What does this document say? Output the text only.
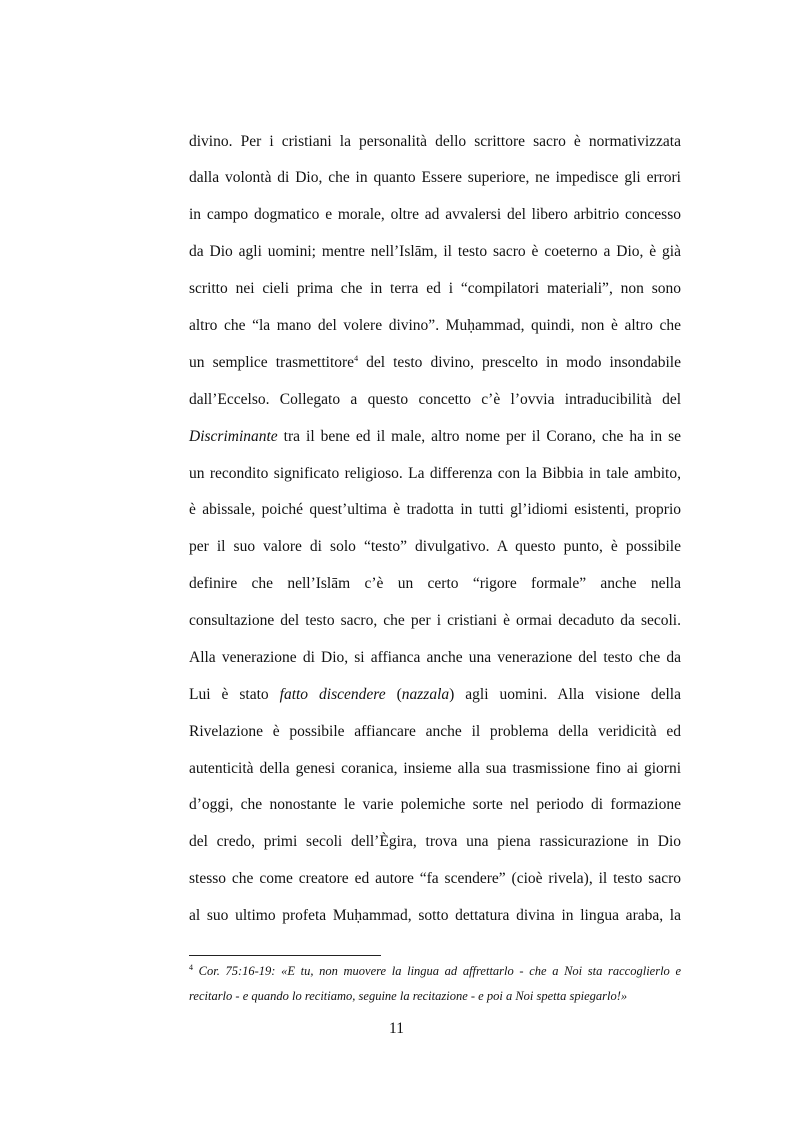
divino. Per i cristiani la personalità dello scrittore sacro è normativizzata
dalla volontà di Dio, che in quanto Essere superiore, ne impedisce gli errori
in campo dogmatico e morale, oltre ad avvalersi del libero arbitrio concesso
da Dio agli uomini; mentre nell’Islām, il testo sacro è coeterno a Dio, è già
scritto nei cieli prima che in terra ed i “compilatori materiali”, non sono
altro che “la mano del volere divino”. Muḥammad, quindi, non è altro che
un semplice trasmettitore$^4$ del testo divino, prescelto in modo insondabile
dall’Eccelso. Collegato a questo concetto c’è l’ovvia intraducibilità del
Discriminante tra il bene ed il male, altro nome per il Corano, che ha in se
un recondito significato religioso. La differenza con la Bibbia in tale ambito,
è abissale, poiché quest’ultima è tradotta in tutti gl’idiomi esistenti, proprio
per il suo valore di solo “testo” divulgativo. A questo punto, è possibile
definire che nell’Islām c’è un certo “rigore formale” anche nella
consultazione del testo sacro, che per i cristiani è ormai decaduto da secoli.
Alla venerazione di Dio, si affianca anche una venerazione del testo che da
Lui è stato fatto discendere (nazzala) agli uomini. Alla visione della
Rivelazione è possibile affiancare anche il problema della veridicità ed
autenticità della genesi coranica, insieme alla sua trasmissione fino ai giorni
d’oggi, che nonostante le varie polemiche sorte nel periodo di formazione
del credo, primi secoli dell’Ègira, trova una piena rassicurazione in Dio
stesso che come creatore ed autore “fa scendere” (cioè rivela), il testo sacro
al suo ultimo profeta Muḥammad, sotto dettatura divina in lingua araba, la
$^4$ Cor. 75:16-19: «E tu, non muovere la lingua ad affrettarlo - che a Noi sta raccoglierlo e
recitarlo - e quando lo recitiamo, seguine la recitazione - e poi a Noi spetta spiegarlo!»
11
